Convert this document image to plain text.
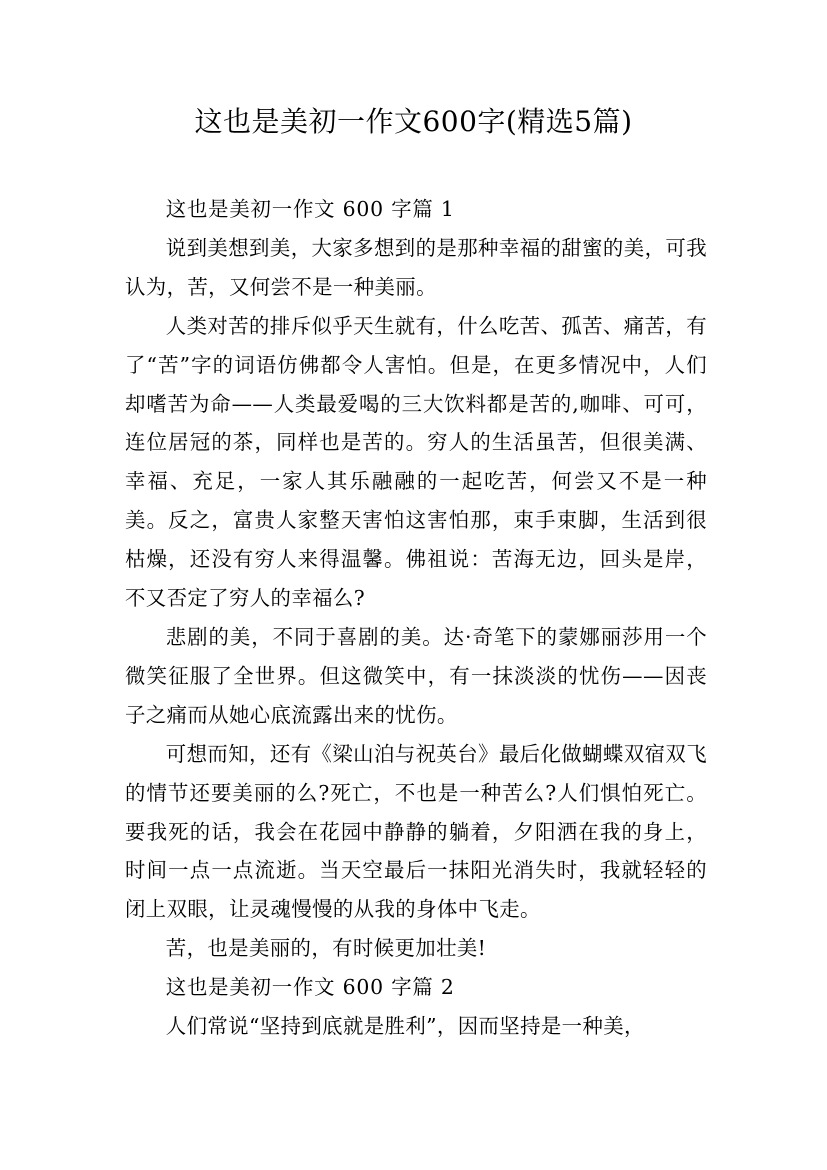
这也是美初一作文600字(精选5篇)

这也是美初一作文 600 字篇 1

说到美想到美，大家多想到的是那种幸福的甜蜜的美，可我认为，苦，又何尝不是一种美丽。

人类对苦的排斥似乎天生就有，什么吃苦、孤苦、痛苦，有了“苦”字的词语仿佛都令人害怕。但是，在更多情况中，人们却嗜苦为命——人类最爱喝的三大饮料都是苦的,咖啡、可可，连位居冠的茶，同样也是苦的。穷人的生活虽苦，但很美满、幸福、充足，一家人其乐融融的一起吃苦，何尝又不是一种美。反之，富贵人家整天害怕这害怕那，束手束脚，生活到很枯燥，还没有穷人来得温馨。佛祖说：苦海无边，回头是岸，不又否定了穷人的幸福么?

悲剧的美，不同于喜剧的美。达·奇笔下的蒙娜丽莎用一个微笑征服了全世界。但这微笑中，有一抹淡淡的忧伤——因丧子之痛而从她心底流露出来的忧伤。

可想而知，还有《梁山泊与祝英台》最后化做蝴蝶双宿双飞的情节还要美丽的么?死亡，不也是一种苦么?人们惧怕死亡。要我死的话，我会在花园中静静的躺着，夕阳洒在我的身上，时间一点一点流逝。当天空最后一抹阳光消失时，我就轻轻的闭上双眼，让灵魂慢慢的从我的身体中飞走。

苦，也是美丽的，有时候更加壮美!

这也是美初一作文 600 字篇 2

人们常说“坚持到底就是胜利”，因而坚持是一种美，
